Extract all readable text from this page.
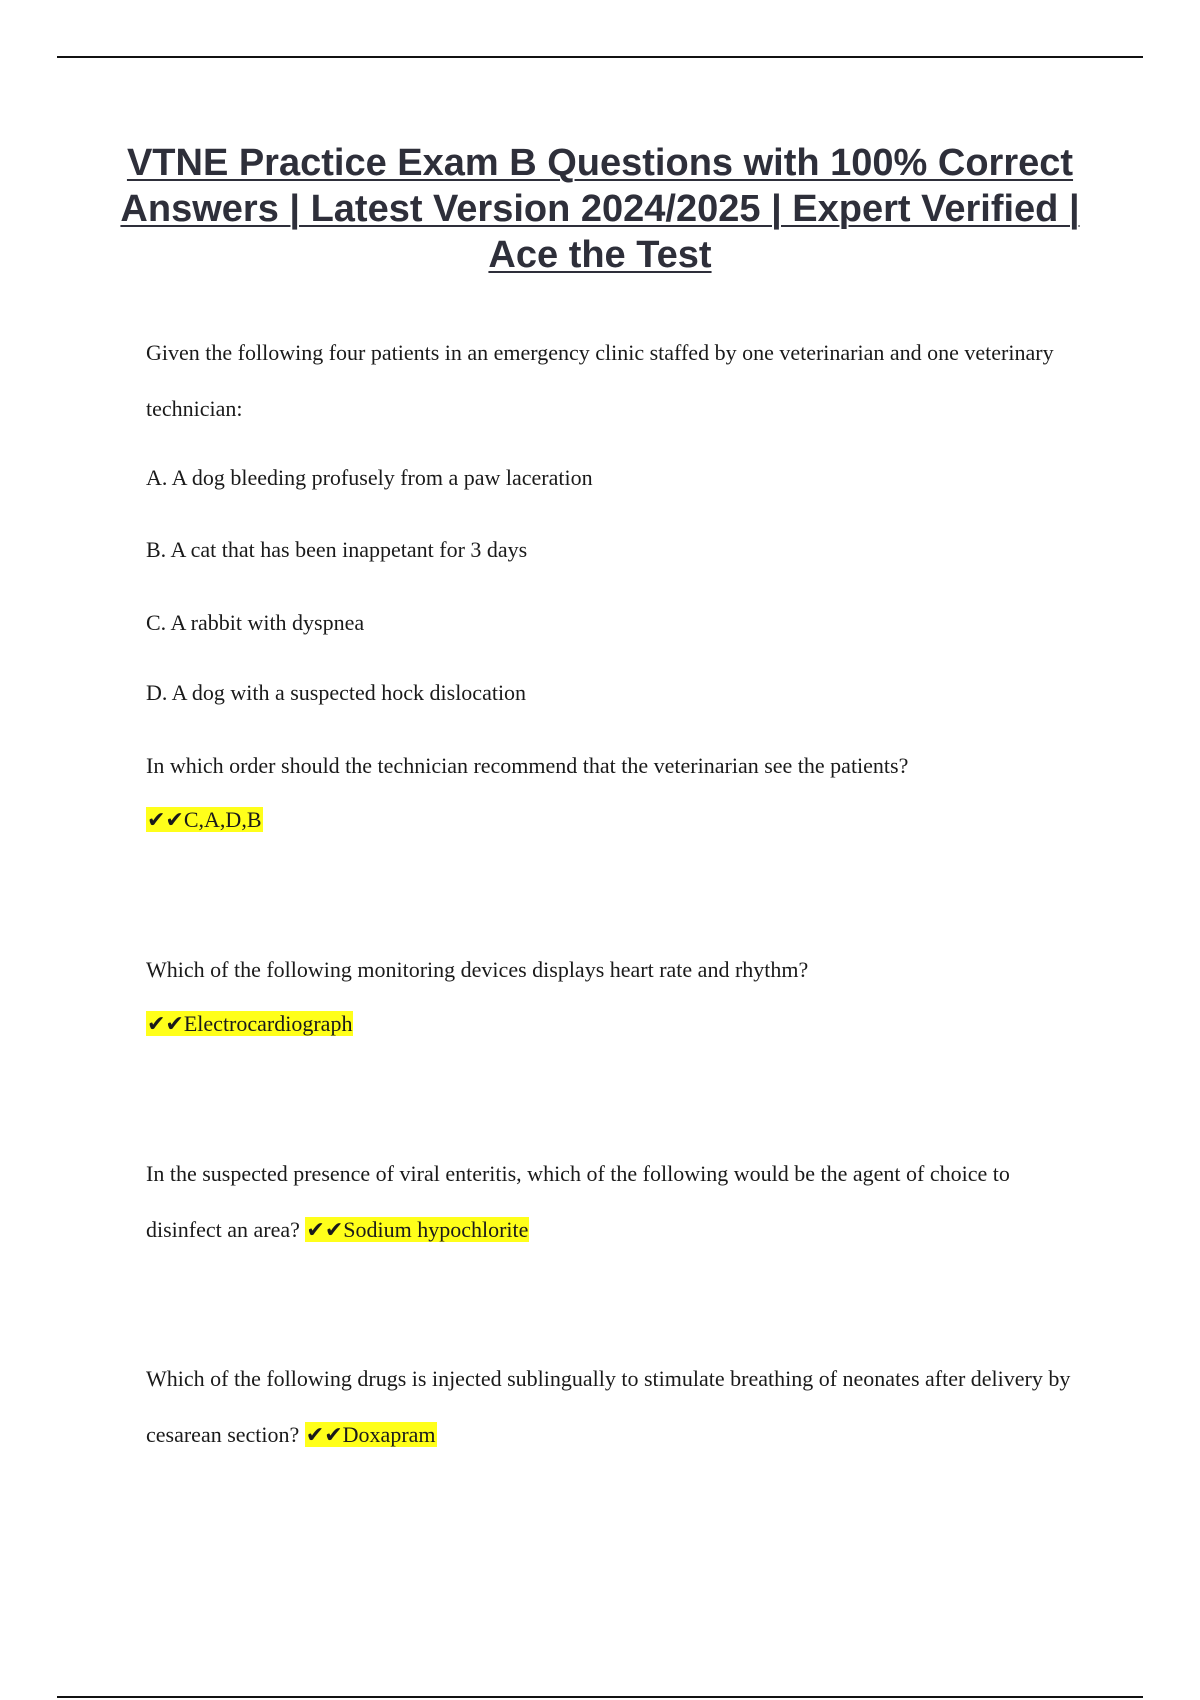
VTNE Practice Exam B Questions with 100% Correct Answers | Latest Version 2024/2025 | Expert Verified | Ace the Test

Given the following four patients in an emergency clinic staffed by one veterinarian and one veterinary technician:

A. A dog bleeding profusely from a paw laceration

B. A cat that has been inappetant for 3 days

C. A rabbit with dyspnea

D. A dog with a suspected hock dislocation

In which order should the technician recommend that the veterinarian see the patients?

✔✔C,A,D,B

Which of the following monitoring devices displays heart rate and rhythm?

✔✔Electrocardiograph

In the suspected presence of viral enteritis, which of the following would be the agent of choice to disinfect an area? ✔✔Sodium hypochlorite

Which of the following drugs is injected sublingually to stimulate breathing of neonates after delivery by cesarean section? ✔✔Doxapram
